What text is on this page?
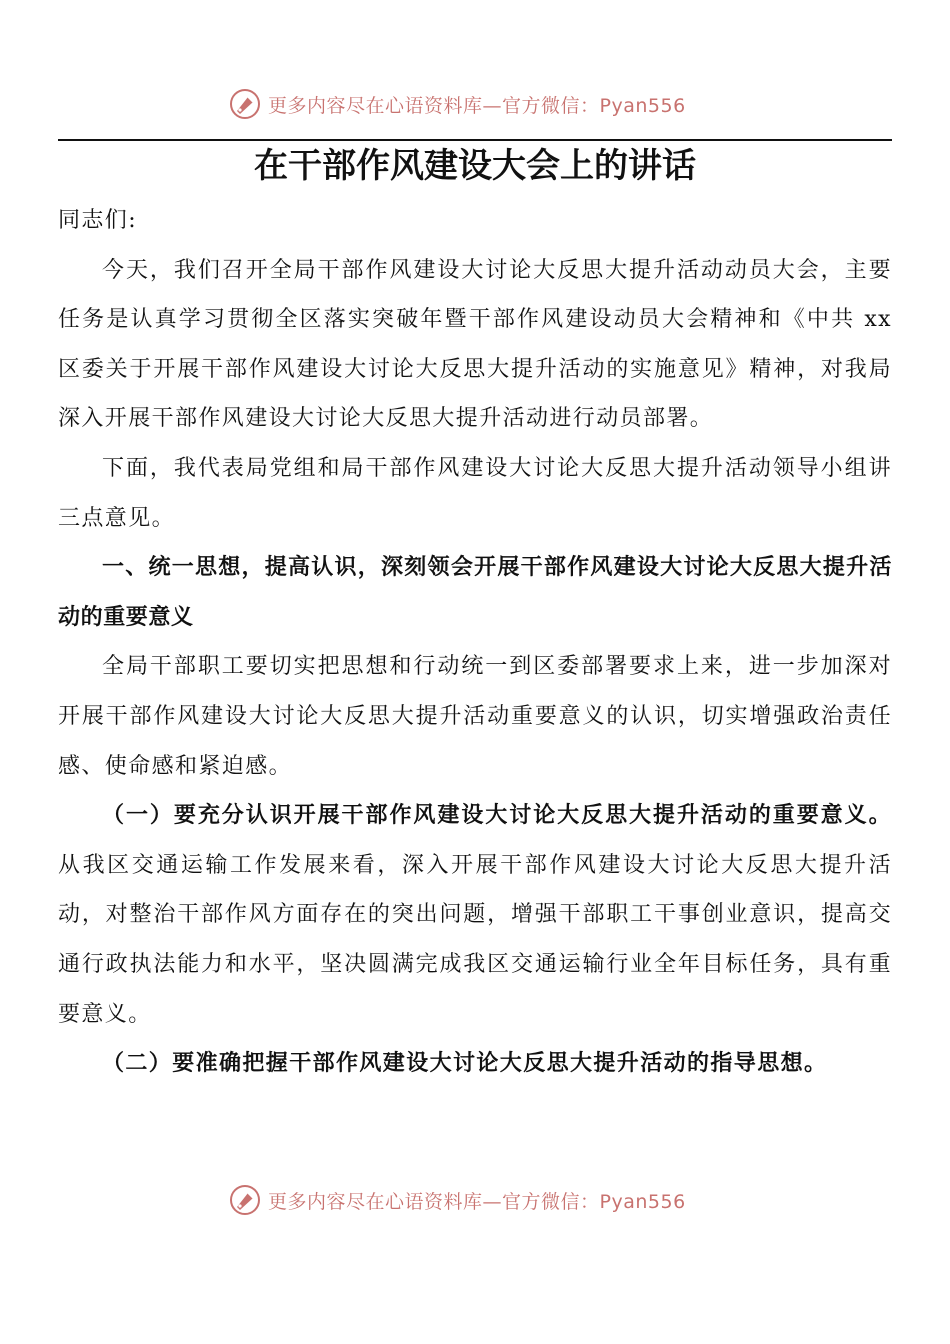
更多内容尽在心语资料库—官方微信：Pyan556
在干部作风建设大会上的讲话

同志们:

今天，我们召开全局干部作风建设大讨论大反思大提升活动动员大会，主要任务是认真学习贯彻全区落实突破年暨干部作风建设动员大会精神和《中共 xx 区委关于开展干部作风建设大讨论大反思大提升活动的实施意见》精神，对我局深入开展干部作风建设大讨论大反思大提升活动进行动员部署。

下面，我代表局党组和局干部作风建设大讨论大反思大提升活动领导小组讲三点意见。

一、统一思想，提高认识，深刻领会开展干部作风建设大讨论大反思大提升活动的重要意义

全局干部职工要切实把思想和行动统一到区委部署要求上来，进一步加深对开展干部作风建设大讨论大反思大提升活动重要意义的认识，切实增强政治责任感、使命感和紧迫感。

（一）要充分认识开展干部作风建设大讨论大反思大提升活动的重要意义。从我区交通运输工作发展来看，深入开展干部作风建设大讨论大反思大提升活动，对整治干部作风方面存在的突出问题，增强干部职工干事创业意识，提高交通行政执法能力和水平，坚决圆满完成我区交通运输行业全年目标任务，具有重要意义。

（二）要准确把握干部作风建设大讨论大反思大提升活动的指导思想。

更多内容尽在心语资料库—官方微信：Pyan556
